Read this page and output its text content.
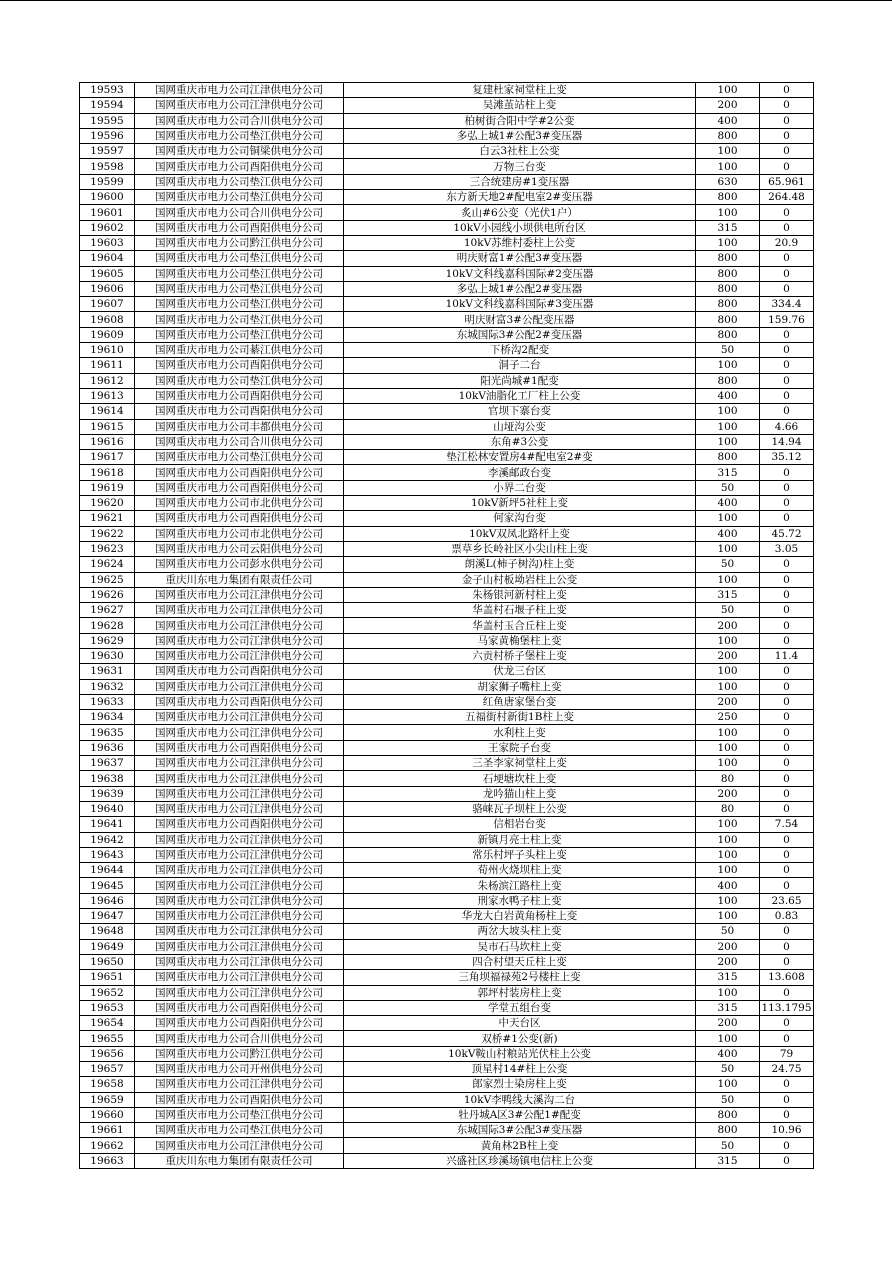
19593	国网重庆市电力公司江津供电分公司	复建杜家祠堂柱上变	100	0
19594	国网重庆市电力公司江津供电分公司	吴滩茧站柱上变	200	0
19595	国网重庆市电力公司合川供电分公司	柏树街合阳中学#2公变	400	0
19596	国网重庆市电力公司垫江供电分公司	多弘上城1#公配3#变压器	800	0
19597	国网重庆市电力公司铜梁供电分公司	白云3社柱上公变	100	0
19598	国网重庆市电力公司酉阳供电分公司	万物三台变	100	0
19599	国网重庆市电力公司垫江供电分公司	三合统建房#1变压器	630	65.961
19600	国网重庆市电力公司垫江供电分公司	东方新天地2#配电室2#变压器	800	264.48
19601	国网重庆市电力公司合川供电分公司	炙山#6公变（光伏1户）	100	0
19602	国网重庆市电力公司酉阳供电分公司	10kV小园线小坝供电所台区	315	0
19603	国网重庆市电力公司黔江供电分公司	10kV苏维村委柱上公变	100	20.9
19604	国网重庆市电力公司垫江供电分公司	明庆财富1#公配3#变压器	800	0
19605	国网重庆市电力公司垫江供电分公司	10kV文科线嘉科国际#2变压器	800	0
19606	国网重庆市电力公司垫江供电分公司	多弘上城1#公配2#变压器	800	0
19607	国网重庆市电力公司垫江供电分公司	10kV文科线嘉科国际#3变压器	800	334.4
19608	国网重庆市电力公司垫江供电分公司	明庆财富3#公配变压器	800	159.76
19609	国网重庆市电力公司垫江供电分公司	东城国际3#公配2#变压器	800	0
19610	国网重庆市电力公司綦江供电分公司	下桥沟2配变	50	0
19611	国网重庆市电力公司酉阳供电分公司	洞子二台	100	0
19612	国网重庆市电力公司垫江供电分公司	阳光尚城#1配变	800	0
19613	国网重庆市电力公司酉阳供电分公司	10kV油脂化工厂柱上公变	400	0
19614	国网重庆市电力公司酉阳供电分公司	官坝下寨台变	100	0
19615	国网重庆市电力公司丰都供电分公司	山垭沟公变	100	4.66
19616	国网重庆市电力公司合川供电分公司	东角#3公变	100	14.94
19617	国网重庆市电力公司垫江供电分公司	垫江松林安置房4#配电室2#变	800	35.12
19618	国网重庆市电力公司酉阳供电分公司	李溪邮政台变	315	0
19619	国网重庆市电力公司酉阳供电分公司	小界二台变	50	0
19620	国网重庆市电力公司市北供电分公司	10kV新坪5社柱上变	400	0
19621	国网重庆市电力公司酉阳供电分公司	何家沟台变	100	0
19622	国网重庆市电力公司市北供电分公司	10kV双凤北路杆上变	400	45.72
19623	国网重庆市电力公司云阳供电分公司	票草乡长岭社区小尖山柱上变	100	3.05
19624	国网重庆市电力公司彭水供电分公司	朗溪L(柿子树沟)柱上变	50	0
19625	重庆川东电力集团有限责任公司	金子山村板坳岩柱上公变	100	0
19626	国网重庆市电力公司江津供电分公司	朱杨银河新村柱上变	315	0
19627	国网重庆市电力公司江津供电分公司	华盖村石堰子柱上变	50	0
19628	国网重庆市电力公司江津供电分公司	华盖村玉合丘柱上变	200	0
19629	国网重庆市电力公司江津供电分公司	马家黄桷堡柱上变	100	0
19630	国网重庆市电力公司江津供电分公司	六贡村桥子堡柱上变	200	11.4
19631	国网重庆市电力公司酉阳供电分公司	伏龙三台区	100	0
19632	国网重庆市电力公司江津供电分公司	胡家狮子嘴柱上变	100	0
19633	国网重庆市电力公司酉阳供电分公司	红鱼唐家堡台变	200	0
19634	国网重庆市电力公司江津供电分公司	五福街村新街1B柱上变	250	0
19635	国网重庆市电力公司江津供电分公司	水利柱上变	100	0
19636	国网重庆市电力公司酉阳供电分公司	王家院子台变	100	0
19637	国网重庆市电力公司江津供电分公司	三圣李家祠堂柱上变	100	0
19638	国网重庆市电力公司江津供电分公司	石埂塘坎柱上变	80	0
19639	国网重庆市电力公司江津供电分公司	龙吟猫山柱上变	200	0
19640	国网重庆市电力公司江津供电分公司	骆崃瓦子坝柱上公变	80	0
19641	国网重庆市电力公司酉阳供电分公司	信相岩台变	100	7.54
19642	国网重庆市电力公司江津供电分公司	新镇月亮土柱上变	100	0
19643	国网重庆市电力公司江津供电分公司	常乐村坪子头柱上变	100	0
19644	国网重庆市电力公司江津供电分公司	荀州火烧坝柱上变	100	0
19645	国网重庆市电力公司江津供电分公司	朱杨滨江路柱上变	400	0
19646	国网重庆市电力公司江津供电分公司	刑家水鸭子柱上变	100	23.65
19647	国网重庆市电力公司江津供电分公司	华龙大白岩黄角杨柱上变	100	0.83
19648	国网重庆市电力公司江津供电分公司	两岔大坡头柱上变	50	0
19649	国网重庆市电力公司江津供电分公司	吴市石马坎柱上变	200	0
19650	国网重庆市电力公司江津供电分公司	四合村望天丘柱上变	200	0
19651	国网重庆市电力公司江津供电分公司	三角坝福禄苑2号楼柱上变	315	13.608
19652	国网重庆市电力公司江津供电分公司	郭坪村装房柱上变	100	0
19653	国网重庆市电力公司酉阳供电分公司	学堂五组台变	315	113.1795
19654	国网重庆市电力公司酉阳供电分公司	中天台区	200	0
19655	国网重庆市电力公司合川供电分公司	双桥#1公变(新)	100	0
19656	国网重庆市电力公司黔江供电分公司	10kV鞍山村粮站光伏柱上公变	400	79
19657	国网重庆市电力公司开州供电分公司	顶星村14#柱上公变	50	24.75
19658	国网重庆市电力公司江津供电分公司	郎家烈士染房柱上变	100	0
19659	国网重庆市电力公司酉阳供电分公司	10kV李鸭线大溪沟二台	50	0
19660	国网重庆市电力公司垫江供电分公司	牡丹城A区3#公配1#配变	800	0
19661	国网重庆市电力公司垫江供电分公司	东城国际3#公配3#变压器	800	10.96
19662	国网重庆市电力公司江津供电分公司	黄角林2B柱上变	50	0
19663	重庆川东电力集团有限责任公司	兴盛社区珍溪场镇电信柱上公变	315	0
